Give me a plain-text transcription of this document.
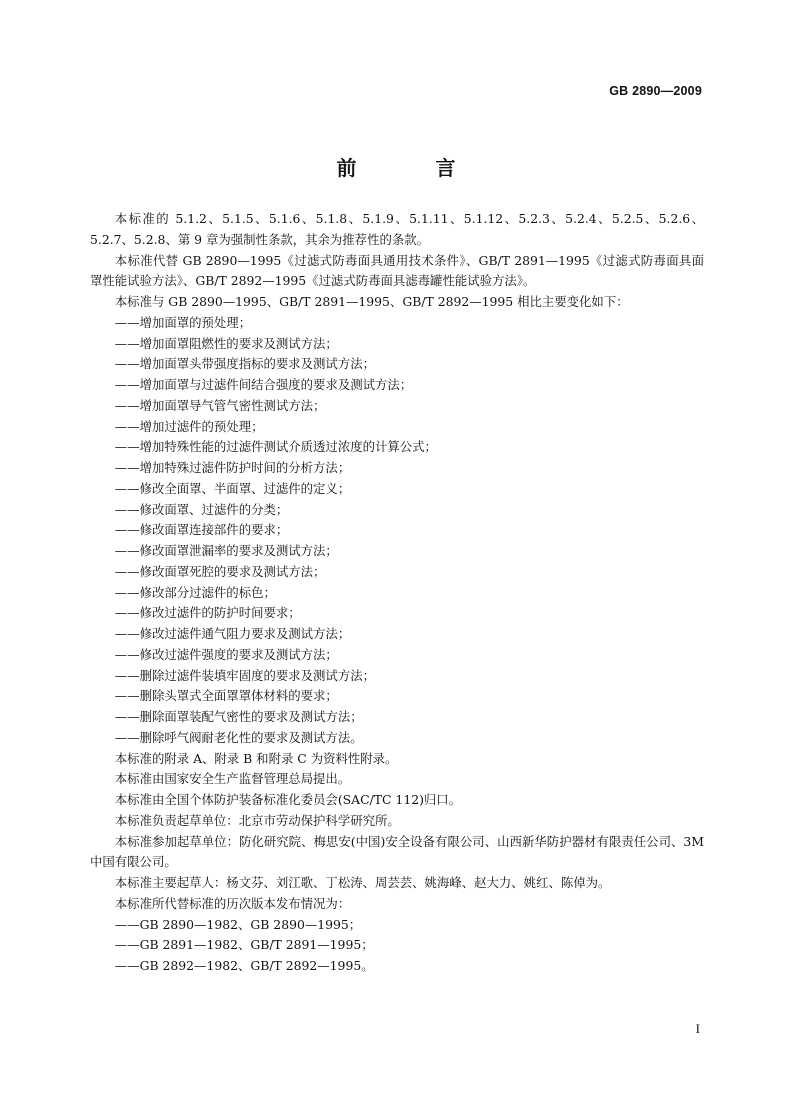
GB 2890—2009
前 言

本标准的 5.1.2、5.1.5、5.1.6、5.1.8、5.1.9、5.1.11、5.1.12、5.2.3、5.2.4、5.2.5、5.2.6、5.2.7、5.2.8、第 9 章为强制性条款，其余为推荐性的条款。

本标准代替 GB 2890—1995《过滤式防毒面具通用技术条件》、GB/T 2891—1995《过滤式防毒面具面罩性能试验方法》、GB/T 2892—1995《过滤式防毒面具滤毒罐性能试验方法》。

本标准与 GB 2890—1995、GB/T 2891—1995、GB/T 2892—1995 相比主要变化如下：

——增加面罩的预处理；

——增加面罩阻燃性的要求及测试方法；

——增加面罩头带强度指标的要求及测试方法；

——增加面罩与过滤件间结合强度的要求及测试方法；

——增加面罩导气管气密性测试方法；

——增加过滤件的预处理；

——增加特殊性能的过滤件测试介质透过浓度的计算公式；

——增加特殊过滤件防护时间的分析方法；

——修改全面罩、半面罩、过滤件的定义；

——修改面罩、过滤件的分类；

——修改面罩连接部件的要求；

——修改面罩泄漏率的要求及测试方法；

——修改面罩死腔的要求及测试方法；

——修改部分过滤件的标色；

——修改过滤件的防护时间要求；

——修改过滤件通气阻力要求及测试方法；

——修改过滤件强度的要求及测试方法；

——删除过滤件装填牢固度的要求及测试方法；

——删除头罩式全面罩罩体材料的要求；

——删除面罩装配气密性的要求及测试方法；

——删除呼气阀耐老化性的要求及测试方法。

本标准的附录 A、附录 B 和附录 C 为资料性附录。

本标准由国家安全生产监督管理总局提出。

本标准由全国个体防护装备标准化委员会(SAC/TC 112)归口。

本标准负责起草单位：北京市劳动保护科学研究所。

本标准参加起草单位：防化研究院、梅思安(中国)安全设备有限公司、山西新华防护器材有限责任公司、3M 中国有限公司。

本标准主要起草人：杨文芬、刘江歌、丁松涛、周芸芸、姚海峰、赵大力、姚红、陈倬为。

本标准所代替标准的历次版本发布情况为：

——GB 2890—1982、GB 2890—1995；

——GB 2891—1982、GB/T 2891—1995；

——GB 2892—1982、GB/T 2892—1995。

I
